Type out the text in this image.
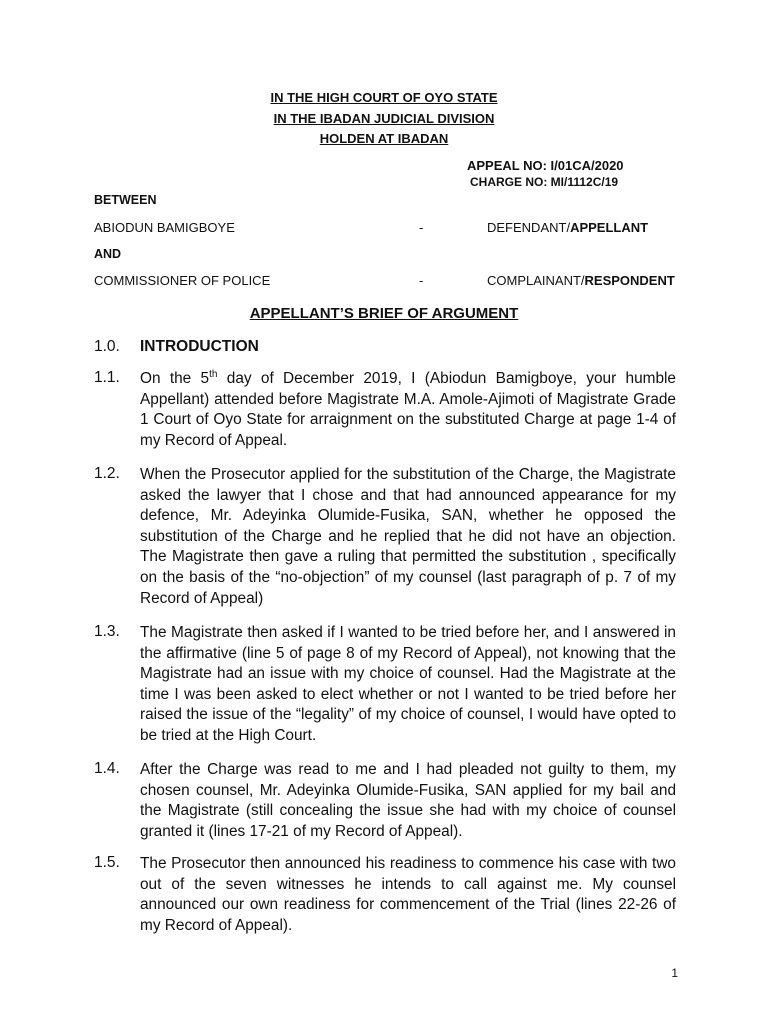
IN THE HIGH COURT OF OYO STATE
IN THE IBADAN JUDICIAL DIVISION
HOLDEN AT IBADAN
APPEAL NO: I/01CA/2020
CHARGE NO: MI/1112C/19
BETWEEN
ABIODUN BAMIGBOYE	-	DEFENDANT/APPELLANT
AND
COMMISSIONER OF POLICE	-	COMPLAINANT/RESPONDENT
APPELLANT’S BRIEF OF ARGUMENT
1.0. INTRODUCTION
1.1. On the 5th day of December 2019, I (Abiodun Bamigboye, your humble Appellant) attended before Magistrate M.A. Amole-Ajimoti of Magistrate Grade 1 Court of Oyo State for arraignment on the substituted Charge at page 1-4 of my Record of Appeal.
1.2. When the Prosecutor applied for the substitution of the Charge, the Magistrate asked the lawyer that I chose and that had announced appearance for my defence, Mr. Adeyinka Olumide-Fusika, SAN, whether he opposed the substitution of the Charge and he replied that he did not have an objection. The Magistrate then gave a ruling that permitted the substitution , specifically on the basis of the “no-objection” of my counsel (last paragraph of p. 7 of my Record of Appeal)
1.3. The Magistrate then asked if I wanted to be tried before her, and I answered in the affirmative (line 5 of page 8 of my Record of Appeal), not knowing that the Magistrate had an issue with my choice of counsel. Had the Magistrate at the time I was been asked to elect whether or not I wanted to be tried before her raised the issue of the “legality” of my choice of counsel, I would have opted to be tried at the High Court.
1.4. After the Charge was read to me and I had pleaded not guilty to them, my chosen counsel, Mr. Adeyinka Olumide-Fusika, SAN applied for my bail and the Magistrate (still concealing the issue she had with my choice of counsel granted it (lines 17-21 of my Record of Appeal).
1.5. The Prosecutor then announced his readiness to commence his case with two out of the seven witnesses he intends to call against me. My counsel announced our own readiness for commencement of the Trial (lines 22-26 of my Record of Appeal).
1
